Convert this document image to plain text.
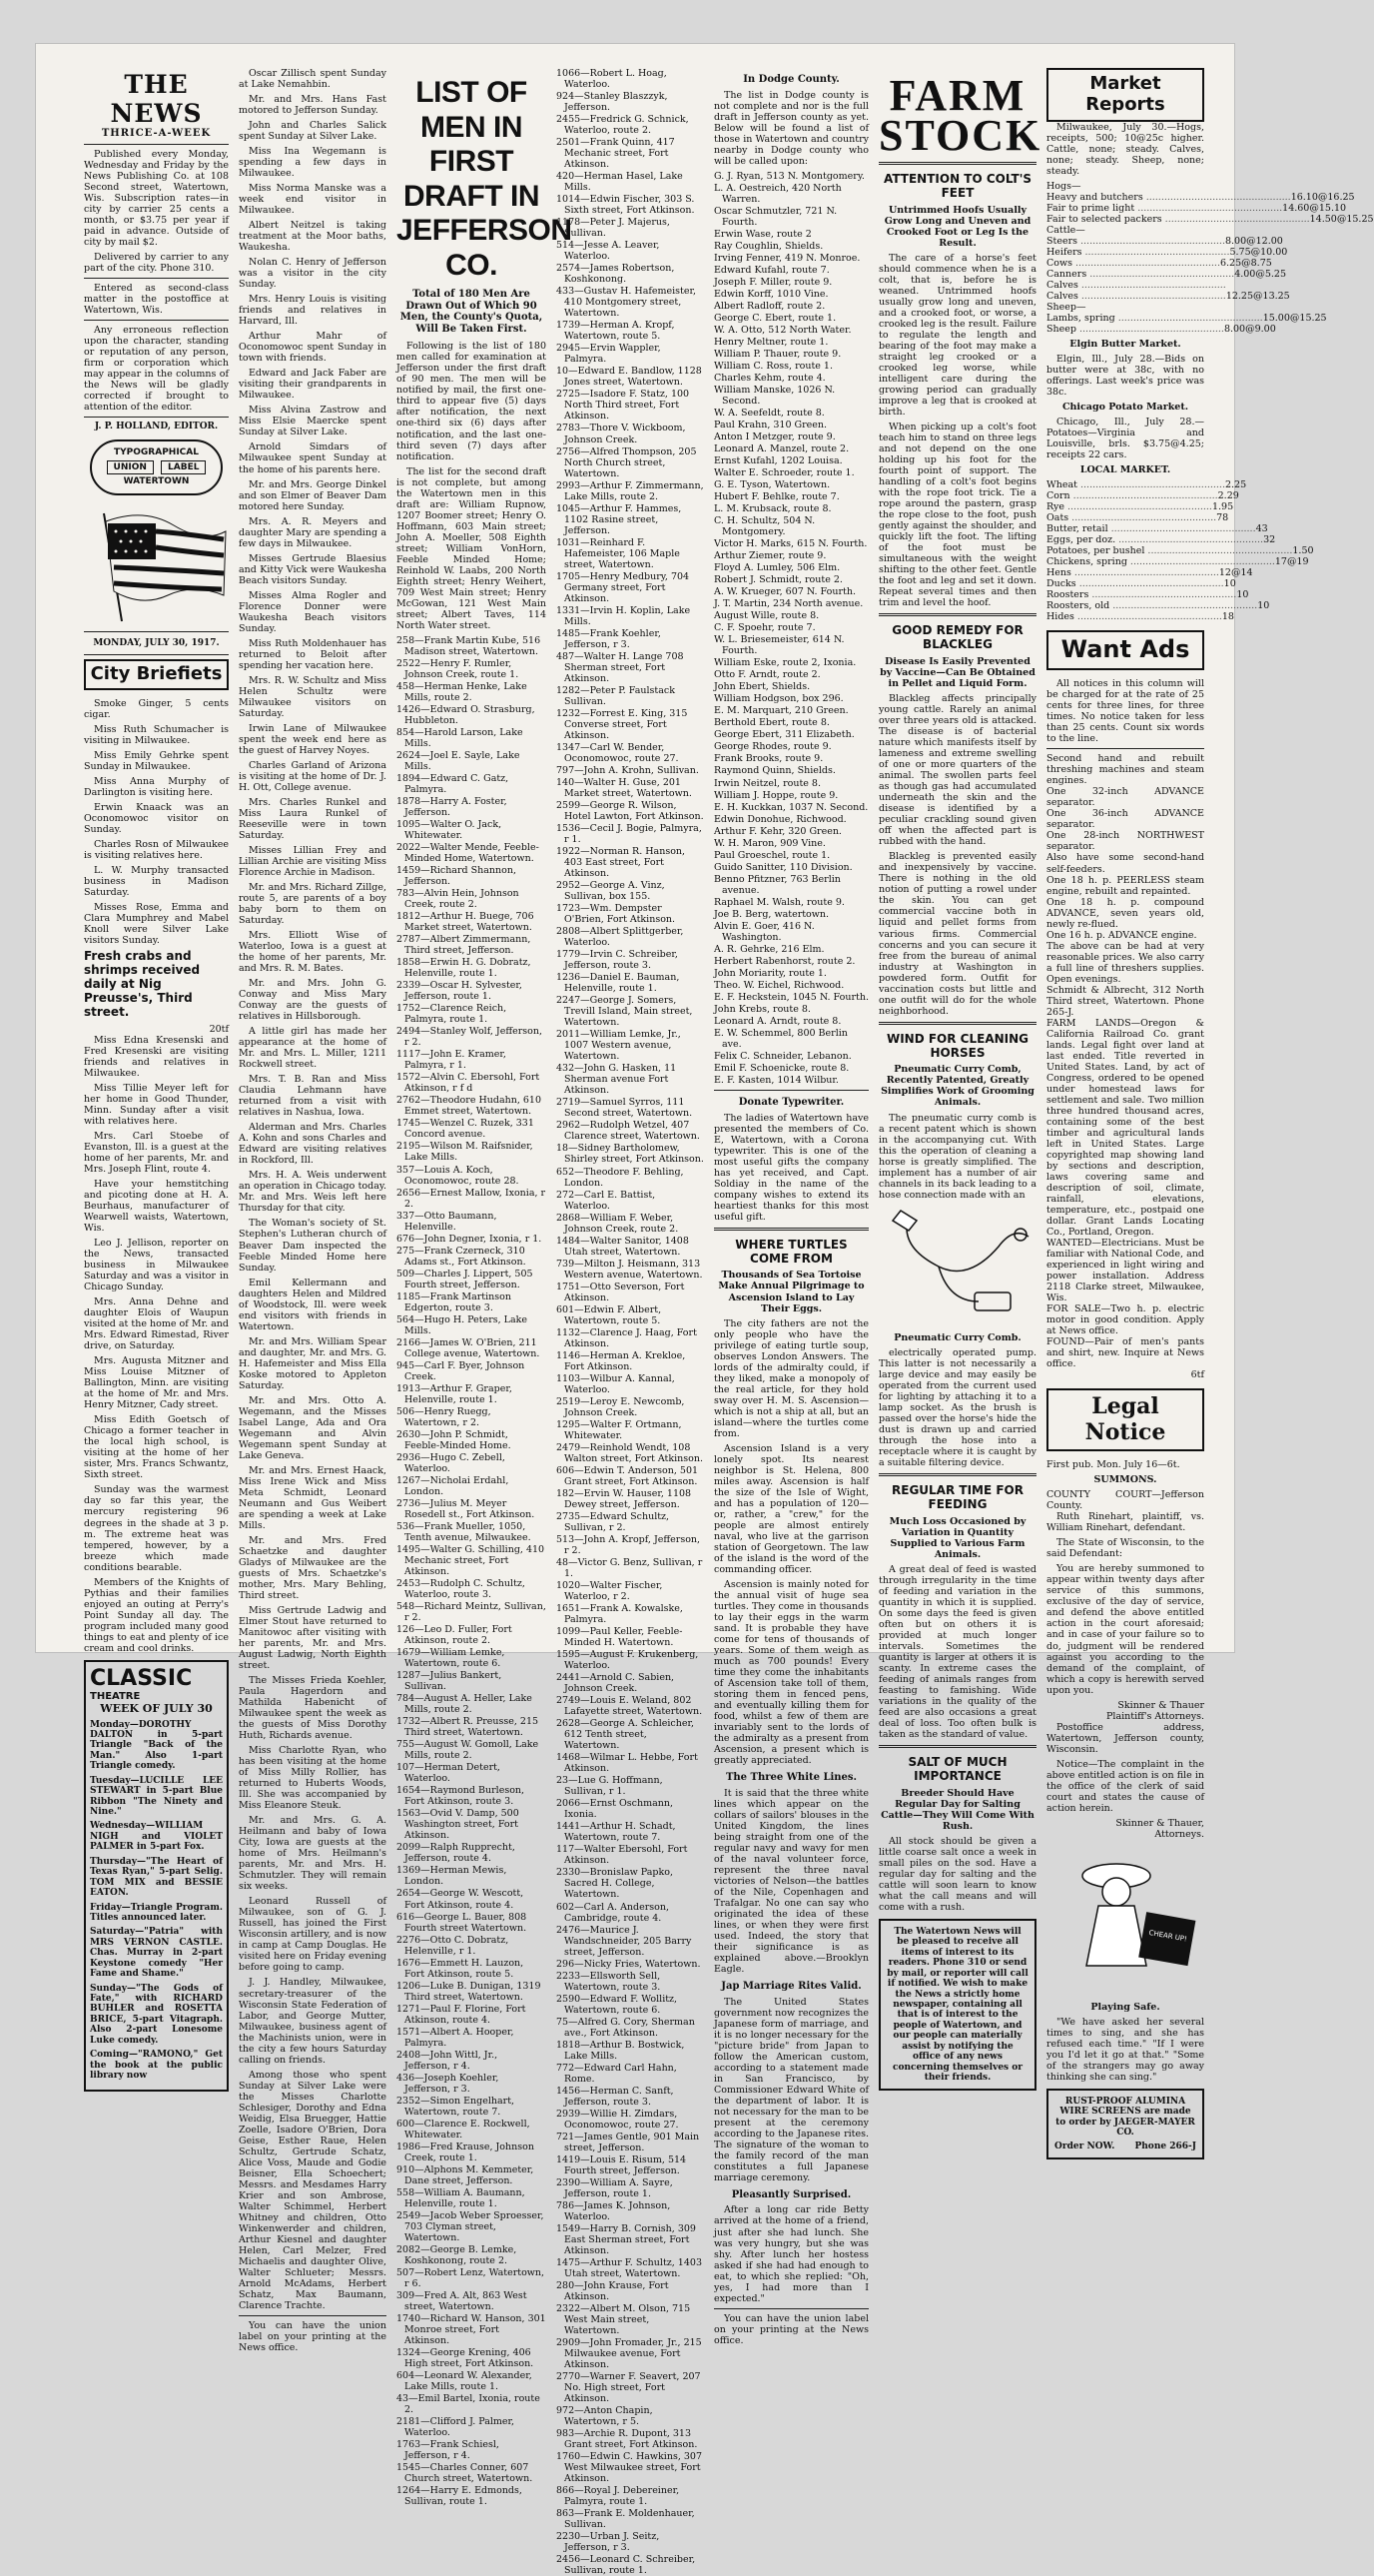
THE NEWS
THRICE-A-WEEK

Published every Monday, Wednesday and Friday by the News Publishing Co. at 108 Second street, Watertown, Wis. Subscription rates—in city by carrier 25 cents a month, or $3.75 per year if paid in advance. Outside of city by mail $2.

Delivered by carrier to any part of the city. Phone 310.

Entered as second-class matter in the postoffice at Watertown, Wis.

Any erroneous reflection upon the character, standing or reputation of any person, firm or corporation which may appear in the columns of the News will be gladly corrected if brought to attention of the editor.

J. P. HOLLAND, EDITOR.
TYPOGRAPHICAL
UNION LABEL
WATERTOWN
MONDAY, JULY 30, 1917.
City Briefiets

Smoke Ginger, 5 cents cigar.

Miss Ruth Schumacher is visiting in Milwaukee.

Miss Emily Gehrke spent Sunday in Milwaukee.

Miss Anna Murphy of Darlington is visiting here.

Erwin Knaack was an Oconomowoc visitor on Sunday.

Charles Rosn of Milwaukee is visiting relatives here.

L. W. Murphy transacted business in Madison Saturday.

Misses Rose, Emma and Clara Mumphrey and Mabel Knoll were Silver Lake visitors Sunday.

Fresh crabs and shrimps received daily at Nig Preusse's, Third street.
20tf

Miss Edna Kresenski and Fred Kresenski are visiting friends and relatives in Milwaukee.

Miss Tillie Meyer left for her home in Good Thunder, Minn. Sunday after a visit with relatives here.

Mrs. Carl Stoebe of Evanston, Ill. is a guest at the home of her parents, Mr. and Mrs. Joseph Flint, route 4.

Have your hemstitching and picoting done at H. A. Beurhaus, manufacturer of Wearwell waists, Watertown, Wis.

Leo J. Jellison, reporter on the News, transacted business in Milwaukee Saturday and was a visitor in Chicago Sunday.

Mrs. Anna Dehne and daughter Elois of Waupun visited at the home of Mr. and Mrs. Edward Rimestad, River drive, on Saturday.

Mrs. Augusta Mitzner and Miss Louise Mitzner of Ballington, Minn. are visiting at the home of Mr. and Mrs. Henry Mitzner, Cady street.

Miss Edith Goetsch of Chicago a former teacher in the local high school, is visiting at the home of her sister, Mrs. Francs Schwantz, Sixth street.

Sunday was the warmest day so far this year, the mercury registering 96 degrees in the shade at 3 p. m. The extreme heat was tempered, however, by a breeze which made conditions bearable.

Members of the Knights of Pythias and their families enjoyed an outing at Perry's Point Sunday all day. The program included many good things to eat and plenty of ice cream and cool drinks.

CLASSIC THEATRE
WEEK OF JULY 30
Monday—DOROTHY DALTON in 5-part Triangle "Back of the Man." Also 1-part Triangle comedy.
Tuesday—LUCILLE LEE STEWART in 5-part Blue Ribbon "The Ninety and Nine."
Wednesday—WILLIAM NIGH and VIOLET PALMER in 5-part Fox.
Thursday—"The Heart of Texas Ryan," 5-part Selig. TOM MIX and BESSIE EATON.
Friday—Triangle Program. Titles announced later.
Saturday—"Patria" with MRS VERNON CASTLE. Chas. Murray in 2-part Keystone comedy "Her Fame and Shame."
Sunday—"The Gods of Fate," with RICHARD BUHLER and ROSETTA BRICE, 5-part Vitagraph. Also 2-part Lonesome Luke comedy.
Coming—"RAMONO," Get the book at the public library now

Oscar Zillisch spent Sunday at Lake Nemahbin.

Mr. and Mrs. Hans Fast motored to Jefferson Sunday.

John and Charles Salick spent Sunday at Silver Lake.

Miss Ina Wegemann is spending a few days in Milwaukee.

Miss Norma Manske was a week end visitor in Milwaukee.

Albert Neitzel is taking treatment at the Moor baths, Waukesha.

Nolan C. Henry of Jefferson was a visitor in the city Sunday.

Mrs. Henry Louis is visiting friends and relatives in Harvard, Ill.

Arthur Mahr of Oconomowoc spent Sunday in town with friends.

Edward and Jack Faber are visiting their grandparents in Milwaukee.

Miss Alvina Zastrow and Miss Elsie Maercke spent Sunday at Silver Lake.

Arnold Simdars of Milwaukee spent Sunday at the home of his parents here.

Mr. and Mrs. George Dinkel and son Elmer of Beaver Dam motored here Sunday.

Mrs. A. R. Meyers and daughter Mary are spending a few days in Milwaukee.

Misses Gertrude Blaesius and Kitty Vick were Waukesha Beach visitors Sunday.

Misses Alma Rogler and Florence Donner were Waukesha Beach visitors Sunday.

Miss Ruth Moldenhauer has returned to Beloit after spending her vacation here.

Mrs. R. W. Schultz and Miss Helen Schultz were Milwaukee visitors on Saturday.

Irwin Lane of Milwaukee spent the week end here as the guest of Harvey Noyes.

Charles Garland of Arizona is visiting at the home of Dr. J. H. Ott, College avenue.

Mrs. Charles Runkel and Miss Laura Runkel of Reeseville were in town Saturday.

Misses Lillian Frey and Lillian Archie are visiting Miss Florence Archie in Madison.

Mr. and Mrs. Richard Zillge, route 5, are parents of a boy baby born to them on Saturday.

Mrs. Elliott Wise of Waterloo, Iowa is a guest at the home of her parents, Mr. and Mrs. R. M. Bates.

Mr. and Mrs. John G. Conway and Miss Mary Conway are the guests of relatives in Hillsborough.

A little girl has made her appearance at the home of Mr. and Mrs. L. Miller, 1211 Rockwell street.

Mrs. T. B. Ran and Miss Claudia Lehmann have returned from a visit with relatives in Nashua, Iowa.

Alderman and Mrs. Charles A. Kohn and sons Charles and Edward are visiting relatives in Rockford, Ill.

Mrs. H. A. Weis underwent an operation in Chicago today. Mr. and Mrs. Weis left here Thursday for that city.

The Woman's society of St. Stephen's Lutheran church of Beaver Dam inspected the Feeble Minded Home here Sunday.

Emil Kellermann and daughters Helen and Mildred of Woodstock, Ill. were week end visitors with friends in Watertown.

Mr. and Mrs. William Spear and daughter, Mr. and Mrs. G. H. Hafemeister and Miss Ella Koske motored to Appleton Saturday.

Mr. and Mrs. Otto A. Wegemann, and the Misses Isabel Lange, Ada and Ora Wegemann and Alvin Wegemann spent Sunday at Lake Geneva.

Mr. and Mrs. Ernest Haack, Miss Irene Wick and Miss Meta Schmidt, Leonard Neumann and Gus Weibert are spending a week at Lake Mills.

Mr. and Mrs. Fred Schaetzke and daughter Gladys of Milwaukee are the guests of Mrs. Schaetzke's mother, Mrs. Mary Behling, Third street.

Miss Gertrude Ladwig and Elmer Stout have returned to Manitowoc after visiting with her parents, Mr. and Mrs. August Ladwig, North Eighth street.

The Misses Frieda Koehler, Paula Hagerdorn and Mathilda Habenicht of Milwaukee spent the week as the guests of Miss Dorothy Huth, Richards avenue.

Miss Charlotte Ryan, who has been visiting at the home of Miss Milly Rollier, has returned to Huberts Woods, Ill. She was accompanied by Miss Eleanore Steuk.

Mr. and Mrs. G. A. Heilmann and baby of Iowa City, Iowa are guests at the home of Mrs. Heilmann's parents, Mr. and Mrs. H. Schmutzler. They will remain six weeks.

Leonard Russell of Milwaukee, son of G. J. Russell, has joined the First Wisconsin artillery, and is now in camp at Camp Douglas. He visited here on Friday evening before going to camp.

J. J. Handley, Milwaukee, secretary-treasurer of the Wisconsin State Federation of Labor, and George Mutter, Milwaukee, business agent of the Machinists union, were in the city a few hours Saturday calling on friends.

Among those who spent Sunday at Silver Lake were the Misses Charlotte Schlesiger, Dorothy and Edna Weidig, Elsa Bruegger, Hattie Zoelle, Isadore O'Brien, Dora Geise, Esther Raue, Helen Schultz, Gertrude Schatz, Alice Voss, Maude and Godie Beisner, Ella Schoechert; Messrs. and Mesdames Harry Krier and son Ambrose, Walter Schimmel, Herbert Whitney and children, Otto Winkenwerder and children, Arthur Kiesnel and daughter Helen, Carl Melzer, Fred Michaelis and daughter Olive, Walter Schlueter; Messrs. Arnold McAdams, Herbert Schatz, Max Baumann, Clarence Trachte.

You can have the union label on your printing at the News office.

LIST OF MEN IN
FIRST DRAFT IN
JEFFERSON CO.
Total of 180 Men Are Drawn Out of Which 90 Men, the County's Quota, Will Be Taken First.

Following is the list of 180 men called for examination at Jefferson under the first draft of 90 men. The men will be notified by mail, the first one-third to appear five (5) days after notification, the next one-third six (6) days after notification, and the last one-third seven (7) days after notification.

The list for the second draft is not complete, but among the Watertown men in this draft are: William Rupnow, 1207 Boomer street; Henry O. Hoffmann, 603 Main street; John A. Moeller, 508 Eighth street; William VonHorn, Feeble Minded Home; Reinhold W. Laabs, 200 North Eighth street; Henry Weihert, 709 West Main street; Henry McGowan, 121 West Main street; Albert Taves, 114 North Water street.

258—Frank Martin Kube, 516 Madison street, Watertown.
2522—Henry F. Rumler, Johnson Creek, route 1.
458—Herman Henke, Lake Mills, route 2.
1426—Edward O. Strasburg, Hubbleton.
854—Harold Larson, Lake Mills.
2624—Joel E. Sayle, Lake Mills.
1894—Edward C. Gatz, Palmyra.
1878—Harry A. Foster, Jefferson.
1095—Walter O. Jack, Whitewater.
2022—Walter Mende, Feeble-Minded Home, Watertown.
1459—Richard Shannon, Jefferson.
783—Alvin Hein, Johnson Creek, route 2.
1812—Arthur H. Buege, 706 Market street, Watertown.
2787—Albert Zimmermann, Third street, Jefferson.
1858—Erwin H. G. Dobratz, Helenville, route 1.
2339—Oscar H. Sylvester, Jefferson, route 1.
1752—Clarence Reich, Palmyra, route 1.
2494—Stanley Wolf, Jefferson, r 2.
1117—John E. Kramer, Palmyra, r 1.
1572—Alvin C. Ebersohl, Fort Atkinson, r f d
2762—Theodore Hudahn, 610 Emmet street, Watertown.
1745—Wenzel C. Ruzek, 331 Concord avenue.
2195—Wilson M. Raifsnider, Lake Mills.
357—Louis A. Koch, Oconomowoc, route 28.
2656—Ernest Mallow, Ixonia, r 2.
337—Otto Baumann, Helenville.
676—John Degner, Ixonia, r 1.
275—Frank Czerneck, 310 Adams st., Fort Atkinson.
509—Charles J. Lippert, 505 Fourth street, Jefferson.
1185—Frank Martinson Edgerton, route 3.
564—Hugo H. Peters, Lake Mills.
2166—James W. O'Brien, 211 College avenue, Watertown.
945—Carl F. Byer, Johnson Creek.
1913—Arthur F. Graper, Helenville, route 1.
506—Henry Ruegg, Watertown, r 2.
2630—John P. Schmidt, Feeble-Minded Home.
2936—Hugo C. Zebell, Waterloo.
1267—Nicholai Erdahl, London.
2736—Julius M. Meyer Rosedell st., Fort Atkinson.
536—Frank Mueller, 1050, Tenth avenue, Milwaukee.
1495—Walter G. Schilling, 410 Mechanic street, Fort Atkinson.
2453—Rudolph C. Schultz, Waterloo, route 3.
548—Richard Meintz, Sullivan, r 2.
126—Leo D. Fuller, Fort Atkinson, route 2.
1679—William Lemke, Watertown, route 6.
1287—Julius Bankert, Sullivan.
784—August A. Heller, Lake Mills, route 2.
1732—Albert R. Preusse, 215 Third street, Watertown.
755—August W. Gomoll, Lake Mills, route 2.
107—Herman Detert, Waterloo.
1654—Raymond Burleson, Fort Atkinson, route 3.
1563—Ovid V. Damp, 500 Washington street, Fort Atkinson.
2099—Ralph Rupprecht, Jefferson, route 4.
1369—Herman Mewis, London.
2654—George W. Wescott, Fort Atkinson, route 4.
616—George L. Bauer, 808 Fourth street Watertown.
2276—Otto C. Dobratz, Helenville, r 1.
1676—Emmett H. Lauzon, Fort Atkinson, route 5.
1206—Luke B. Dunigan, 1319 Third street, Watertown.
1271—Paul F. Florine, Fort Atkinson, route 4.
1571—Albert A. Hooper, Palmyra.
2408—John Wittl, Jr., Jefferson, r 4.
436—Joseph Koehler, Jefferson, r 3.
2352—Simon Engelhart, Watertown, route 7.
600—Clarence E. Rockwell, Whitewater.
1986—Fred Krause, Johnson Creek, route 1.
910—Alphons M. Kemmeter, Dane street, Jefferson.
558—William A. Baumann, Helenville, route 1.
2549—Jacob Weber Sproesser, 703 Clyman street, Watertown.
2082—George B. Lemke, Koshkonong, route 2.
507—Robert Lenz, Watertown, r 6.
309—Fred A. Alt, 863 West street, Watertown.
1740—Richard W. Hanson, 301 Monroe street, Fort Atkinson.
1324—George Krening, 406 High street, Fort Atkinson.
604—Leonard W. Alexander, Lake Mills, route 1.
43—Emil Bartel, Ixonia, route 2.
2181—Clifford J. Palmer, Waterloo.
1763—Frank Schiesl, Jefferson, r 4.
1545—Charles Conner, 607 Church street, Watertown.
1264—Harry E. Edmonds, Sullivan, route 1.
1066—Robert L. Hoag, Waterloo.
924—Stanley Blaszzyk, Jefferson.
2455—Fredrick G. Schnick, Waterloo, route 2.
2501—Frank Quinn, 417 Mechanic street, Fort Atkinson.
420—Herman Hasel, Lake Mills.
1014—Edwin Fischer, 303 S. Sixth street, Fort Atkinson.
1178—Peter J. Majerus, Sullivan.
514—Jesse A. Leaver, Waterloo.
2574—James Robertson, Koshkonong.
433—Gustav H. Hafemeister, 410 Montgomery street, Watertown.
1739—Herman A. Kropf, Watertown, route 5.
2945—Ervin Wappler, Palmyra.
10—Edward E. Bandlow, 1128 Jones street, Watertown.
2725—Isadore F. Statz, 100 North Third street, Fort Atkinson.
2783—Thore V. Wickboom, Johnson Creek.
2756—Alfred Thompson, 205 North Church street, Watertown.
2993—Arthur F. Zimmermann, Lake Mills, route 2.
1045—Arthur F. Hammes, 1102 Rasine street, Jefferson.
1031—Reinhard F. Hafemeister, 106 Maple street, Watertown.
1705—Henry Medbury, 704 Germany street, Fort Atkinson.
1331—Irvin H. Koplin, Lake Mills.
1485—Frank Koehler, Jefferson, r 3.
487—Walter H. Lange 708 Sherman street, Fort Atkinson.
1282—Peter P. Faulstack Sullivan.
1232—Forrest E. King, 315 Converse street, Fort Atkinson.
1347—Carl W. Bender, Oconomowoc, route 27.
797—John A. Krohn, Sullivan.
140—Walter H. Guse, 201 Market street, Watertown.
2599—George R. Wilson, Hotel Lawton, Fort Atkinson.
1536—Cecil J. Bogie, Palmyra, r 1.
1922—Norman R. Hanson, 403 East street, Fort Atkinson.
2952—George A. Vinz, Sullivan, box 155.
1723—Wm. Dempster O'Brien, Fort Atkinson.
2808—Albert Splittgerber, Waterloo.
1779—Irvin C. Schreiber, Jefferson, route 3.
1236—Daniel E. Bauman, Helenville, route 1.
2247—George J. Somers, Trevill Island, Main street, Watertown.
2011—William Lemke, Jr., 1007 Western avenue, Watertown.
432—John G. Hasken, 11 Sherman avenue Fort Atkinson.
2719—Samuel Syrros, 111 Second street, Watertown.
2962—Rudolph Wetzel, 407 Clarence street, Watertown.
18—Sidney Bartholomew, Shirley street, Fort Atkinson.
652—Theodore F. Behling, London.
272—Carl E. Battist, Waterloo.
2868—William F. Weber, Johnson Creek, route 2.
1484—Walter Sanitor, 1408 Utah street, Watertown.
739—Milton J. Heismann, 313 Western avenue, Watertown.
1751—Otto Severson, Fort Atkinson.
601—Edwin F. Albert, Watertown, route 5.
1132—Clarence J. Haag, Fort Atkinson.
1146—Herman A. Krekloe, Fort Atkinson.
1103—Wilbur A. Kannal, Waterloo.
2519—Leroy E. Newcomb, Johnson Creek.
1295—Walter F. Ortmann, Whitewater.
2479—Reinhold Wendt, 108 Walton street, Fort Atkinson.
606—Edwin T. Anderson, 501 Grant street, Fort Atkinson.
182—Ervin W. Hauser, 1108 Dewey street, Jefferson.
2735—Edward Schultz, Sullivan, r 2.
513—John A. Kropf, Jefferson, r 2.
48—Victor G. Benz, Sullivan, r 1.
1020—Walter Fischer, Waterloo, r 2.
1651—Frank A. Kowalske, Palmyra.
1099—Paul Keller, Feeble-Minded H. Watertown.
1595—August F. Krukenberg, Waterloo.
2441—Arnold C. Sabien, Johnson Creek.
2749—Louis E. Weland, 802 Lafayette street, Watertown.
2628—George A. Schleicher, 612 Tenth street, Watertown.
1468—Wilmar L. Hebbe, Fort Atkinson.
23—Lue G. Hoffmann, Sullivan, r 1.
2066—Ernst Oschmann, Ixonia.
1441—Arthur H. Schadt, Watertown, route 7.
117—Walter Ebersohl, Fort Atkinson.
2330—Bronislaw Papko, Sacred H. College, Watertown.
602—Carl A. Anderson, Cambridge, route 4.
2476—Maurice J. Wandschneider, 205 Barry street, Jefferson.
296—Nicky Fries, Watertown.
2233—Ellsworth Sell, Watertown, route 3.
2590—Edward F. Wollitz, Watertown, route 6.
75—Alfred G. Cory, Sherman ave., Fort Atkinson.
1818—Arthur B. Bostwick, Lake Mills.
772—Edward Carl Hahn, Rome.
1456—Herman C. Sanft, Jefferson, route 3.
2939—Willie H. Zimdars, Oconomowoc, route 27.
721—James Gentle, 901 Main street, Jefferson.
1419—Louis E. Risum, 514 Fourth street, Jefferson.
2390—William A. Sayre, Jefferson, route 1.
786—James K. Johnson, Waterloo.
1549—Harry B. Cornish, 309 East Sherman street, Fort Atkinson.
1475—Arthur F. Schultz, 1403 Utah street, Watertown.
280—John Krause, Fort Atkinson.
2322—Albert M. Olson, 715 West Main street, Watertown.
2909—John Fromader, Jr., 215 Milwaukee avenue, Fort Atkinson.
2770—Warner F. Seavert, 207 No. High street, Fort Atkinson.
972—Anton Chapin, Watertown, r 5.
983—Archie R. Dupont, 313 Grant street, Fort Atkinson.
1760—Edwin C. Hawkins, 307 West Milwaukee street, Fort Atkinson.
866—Royal J. Debereiner, Palmyra, route 1.
863—Frank E. Moldenhauer, Sullivan.
2230—Urban J. Seitz, Jefferson, r 3.
2456—Leonard C. Schreiber, Sullivan, route 1.
In Dodge County.

The list in Dodge county is not complete and nor is the full draft in Jefferson county as yet. Below will be found a list of those in Watertown and country nearby in Dodge county who will be called upon:

G. J. Ryan, 513 N. Montgomery.
L. A. Oestreich, 420 North Warren.
Oscar Schmutzler, 721 N. Fourth.
Erwin Wase, route 2
Ray Coughlin, Shields.
Irving Fenner, 419 N. Monroe.
Edward Kufahl, route 7.
Joseph F. Miller, route 9.
Edwin Korff, 1010 Vine.
Albert Radloff, route 2.
George C. Ebert, route 1.
W. A. Otto, 512 North Water.
Henry Meltner, route 1.
William P. Thauer, route 9.
William C. Ross, route 1.
Charles Kehm, route 4.
William Manske, 1026 N. Second.
W. A. Seefeldt, route 8.
Paul Krahn, 310 Green.
Anton I Metzger, route 9.
Leonard A. Manzel, route 2.
Ernst Kufahl, 1202 Louisa.
Walter E. Schroeder, route 1.
G. E. Tyson, Watertown.
Hubert F. Behlke, route 7.
L. M. Krubsack, route 8.
C. H. Schultz, 504 N. Montgomery.
Victor H. Marks, 615 N. Fourth.
Arthur Ziemer, route 9.
Floyd A. Lumley, 506 Elm.
Robert J. Schmidt, route 2.
A. W. Krueger, 607 N. Fourth.
J. T. Martin, 234 North avenue.
August Wille, route 8.
C. F. Spoehr, route 7.
W. L. Briesemeister, 614 N. Fourth.
William Eske, route 2, Ixonia.
Otto F. Arndt, route 2.
John Ebert, Shields.
William Hodgson, box 296.
E. M. Marquart, 210 Green.
Berthold Ebert, route 8.
George Ebert, 311 Elizabeth.
George Rhodes, route 9.
Frank Brooks, route 9.
Raymond Quinn, Shields.
Irwin Neitzel, route 8.
William J. Hoppe, route 9.
E. H. Kuckkan, 1037 N. Second.
Edwin Donohue, Richwood.
Arthur F. Kehr, 320 Green.
W. H. Maron, 909 Vine.
Paul Groeschel, route 1.
Guido Sanitter, 110 Division.
Benno Pfitzner, 763 Berlin avenue.
Raphael M. Walsh, route 9.
Joe B. Berg, watertown.
Alvin E. Goer, 416 N. Washington.
A. R. Gehrke, 216 Elm.
Herbert Rabenhorst, route 2.
John Moriarity, route 1.
Theo. W. Eichel, Richwood.
E. F. Heckstein, 1045 N. Fourth.
John Krebs, route 8.
Leonard A. Arndt, route 8.
E. W. Schemmel, 800 Berlin ave.
Felix C. Schneider, Lebanon.
Emil F. Schoenicke, route 8.
E. F. Kasten, 1014 Wilbur.
Donate Typewriter.

The ladies of Watertown have presented the members of Co. E, Watertown, with a Corona typewriter. This is one of the most useful gifts the company has yet received, and Capt. Soldiay in the name of the company wishes to extend its heartiest thanks for this most useful gift.

WHERE TURTLES COME FROM
Thousands of Sea Tortoise Make Annual Pilgrimage to Ascension Island to Lay Their Eggs.

The city fathers are not the only people who have the privilege of eating turtle soup, observes London Answers. The lords of the admiralty could, if they liked, make a monopoly of the real article, for they hold sway over H. M. S. Ascension—which is not a ship at all, but an island—where the turtles come from.

Ascension Island is a very lonely spot. Its nearest neighbor is St. Helena, 800 miles away. Ascension is half the size of the Isle of Wight, and has a population of 120—or, rather, a "crew," for the people are almost entirely naval, who live at the garrison station of Georgetown. The law of the island is the word of the commanding officer.

Ascension is mainly noted for the annual visit of huge sea turtles. They come in thousands to lay their eggs in the warm sand. It is probable they have come for tens of thousands of years. Some of them weigh as much as 700 pounds! Every time they come the inhabitants of Ascension take toll of them, storing them in fenced pens, and eventually killing them for food, whilst a few of them are invariably sent to the lords of the admiralty as a present from Ascension, a present which is greatly appreciated.

The Three White Lines.

It is said that the three white lines which appear on the collars of sailors' blouses in the United Kingdom, the lines being straight from one of the regular navy and wavy for men of the naval volunteer force, represent the three naval victories of Nelson—the battles of the Nile, Copenhagen and Trafalgar. No one can say who originated the idea of these lines, or when they were first used. Indeed, the story that their significance is as explained above.—Brooklyn Eagle.

Jap Marriage Rites Valid.

The United States government now recognizes the Japanese form of marriage, and it is no longer necessary for the "picture bride" from Japan to follow the American custom, according to a statement made in San Francisco, by Commissioner Edward White of the department of labor. It is not necessary for the man to be present at the ceremony according to the Japanese rites. The signature of the woman to the family record of the man constitutes a full Japanese marriage ceremony.

Pleasantly Surprised.

After a long car ride Betty arrived at the home of a friend, just after she had lunch. She was very hungry, but she was shy. After lunch her hostess asked if she had had enough to eat, to which she replied: "Oh, yes, I had more than I expected."

You can have the union label on your printing at the News office.

FARM
STOCK
ATTENTION TO COLT'S FEET
Untrimmed Hoofs Usually Grow Long and Uneven and Crooked Foot or Leg Is the Result.

The care of a horse's feet should commence when he is a colt, that is, before he is weaned. Untrimmed hoofs usually grow long and uneven, and a crooked foot, or worse, a crooked leg is the result. Failure to regulate the length and bearing of the foot may make a straight leg crooked or a crooked leg worse, while intelligent care during the growing period can gradually improve a leg that is crooked at birth.

When picking up a colt's foot teach him to stand on three legs and not depend on the one holding up his foot for the fourth point of support. The handling of a colt's foot begins with the rope foot trick. Tie a rope around the pastern, grasp the rope close to the foot, push gently against the shoulder, and quickly lift the foot. The lifting of the foot must be simultaneous with the weight shifting to the other feet. Gentle the foot and leg and set it down. Repeat several times and then trim and level the hoof.

GOOD REMEDY FOR BLACKLEG
Disease Is Easily Prevented by Vaccine—Can Be Obtained in Pellet and Liquid Form.

Blackleg affects principally young cattle. Rarely an animal over three years old is attacked. The disease is of bacterial nature which manifests itself by lameness and extreme swelling of one or more quarters of the animal. The swollen parts feel as though gas had accumulated underneath the skin and the disease is identified by a peculiar crackling sound given off when the affected part is rubbed with the hand.

Blackleg is prevented easily and inexpensively by vaccine. There is nothing in the old notion of putting a rowel under the skin. You can get commercial vaccine both in liquid and pellet forms from various firms. Commercial concerns and you can secure it free from the bureau of animal industry at Washington in powdered form. Outfit for vaccination costs but little and one outfit will do for the whole neighborhood.

WIND FOR CLEANING HORSES
Pneumatic Curry Comb, Recently Patented, Greatly Simplifies Work of Grooming Animals.

The pneumatic curry comb is a recent patent which is shown in the accompanying cut. With this the operation of cleaning a horse is greatly simplified. The implement has a number of air channels in its back leading to a hose connection made with an

Pneumatic Curry Comb.

electrically operated pump. This latter is not necessarily a large device and may easily be operated from the current used for lighting by attaching it to a lamp socket. As the brush is passed over the horse's hide the dust is drawn up and carried through the hose into a receptacle where it is caught by a suitable filtering device.

REGULAR TIME FOR FEEDING
Much Loss Occasioned by Variation in Quantity Supplied to Various Farm Animals.

A great deal of feed is wasted through irregularity in the time of feeding and variation in the quantity in which it is supplied. On some days the feed is given often but on others it is provided at much longer intervals. Sometimes the quantity is larger at others it is scanty. In extreme cases the feeding of animals ranges from feasting to famishing. Wide variations in the quality of the feed are also occasions a great deal of loss. Too often bulk is taken as the standard of value.

SALT OF MUCH IMPORTANCE
Breeder Should Have Regular Day for Salting Cattle—They Will Come With Rush.

All stock should be given a little coarse salt once a week in small piles on the sod. Have a regular day for salting and the cattle will soon learn to know what the call means and will come with a rush.

The Watertown News will be pleased to receive all items of interest to its readers. Phone 310 or send by mail, or reporter will call if notified. We wish to make the News a strictly home newspaper, containing all that is of interest to the people of Watertown, and our people can materially assist by notifying the office of any news concerning themselves or their friends.
Market Reports

Milwaukee, July 30.—Hogs, receipts, 500; 10@25c higher. Cattle, none; steady. Calves, none; steady. Sheep, none; steady.

Hogs—
Heavy and butchers .....	16.10@16.25
Fair to prime light .....	14.60@15.10
Fair to selected packers .....	14.50@15.25
Cattle—
Steers .....	8.00@12.00
Heifers .....	5.75@10.00
Cows .....	6.25@8.75
Canners .....	4.00@5.25
Calves .....
Calves .....	12.25@13.25
Sheep—
Lambs, spring .....	15.00@15.25
Sheep .....	8.00@9.00
Elgin Butter Market.

Elgin, Ill., July 28.—Bids on butter were at 38c, with no offerings. Last week's price was 38c.

Chicago Potato Market.

Chicago, Ill., July 28.—Potatoes—Virginia and Louisville, brls. $3.75@4.25; receipts 22 cars.

LOCAL MARKET.
Wheat .....	2.25
Corn .....	2.29
Rye .....	1.95
Oats .....	78
Butter, retail .....	43
Eggs, per doz. .....	32
Potatoes, per bushel .....	1.50
Chickens, spring .....	17@19
Hens .....	12@14
Ducks .....	10
Roosters .....	10
Roosters, old .....	10
Hides .....	18
Want Ads

All notices in this column will be charged for at the rate of 25 cents for three lines, for three times. No notice taken for less than 25 cents. Count six words to the line.

Second hand and rebuilt threshing machines and steam engines.
One 32-inch ADVANCE separator.
One 36-inch ADVANCE separator.
One 28-inch NORTHWEST separator.
Also have some second-hand self-feeders.
One 18 h. p. PEERLESS steam engine, rebuilt and repainted.
One 18 h. p. compound ADVANCE, seven years old, newly re-flued.
One 16 h. p. ADVANCE engine.
The above can be had at very reasonable prices. We also carry a full line of threshers supplies. Open evenings.
Schmidt & Albrecht, 312 North Third street, Watertown. Phone 265-J.
FARM LANDS—Oregon & California Railroad Co. grant lands. Legal fight over land at last ended. Title reverted in United States. Land, by act of Congress, ordered to be opened under homestead laws for settlement and sale. Two million three hundred thousand acres, containing some of the best timber and agricultural lands left in United States. Large copyrighted map showing land by sections and description, laws covering same and description of soil, climate, rainfall, elevations, temperature, etc., postpaid one dollar. Grant Lands Locating Co., Portland, Oregon.
WANTED—Electricians. Must be familiar with National Code, and experienced in light wiring and power installation. Address 2118 Clarke street, Milwaukee, Wis.
FOR SALE—Two h. p. electric motor in good condition. Apply at News office.
FOUND—Pair of men's pants and shirt, new. Inquire at News office.
6tf
Legal Notice
First pub. Mon. July 16—6t.
SUMMONS.
COUNTY COURT—Jefferson County.

Ruth Rinehart, plaintiff, vs. William Rinehart, defendant.

The State of Wisconsin, to the said Defendant:

You are hereby summoned to appear within twenty days after service of this summons, exclusive of the day of service, and defend the above entitled action in the court aforesaid; and in case of your failure so to do, judgment will be rendered against you according to the demand of the complaint, of which a copy is herewith served upon you.

Skinner & Thauer
Plaintiff's Attorneys.

Postoffice address, Watertown, Jefferson county, Wisconsin.

Notice—The complaint in the above entitled action is on file in the office of the clerk of said court and states the cause of action herein.

Skinner & Thauer,
Attorneys.
CHEAR UP!
Playing Safe.

"We have asked her several times to sing, and she has refused each time." "If I were you I'd let it go at that." "Some of the strangers may go away thinking she can sing."

RUST-PROOF ALUMINA WIRE SCREENS are made to order by JAEGER-MAYER CO.
Order NOW. Phone 266-J
